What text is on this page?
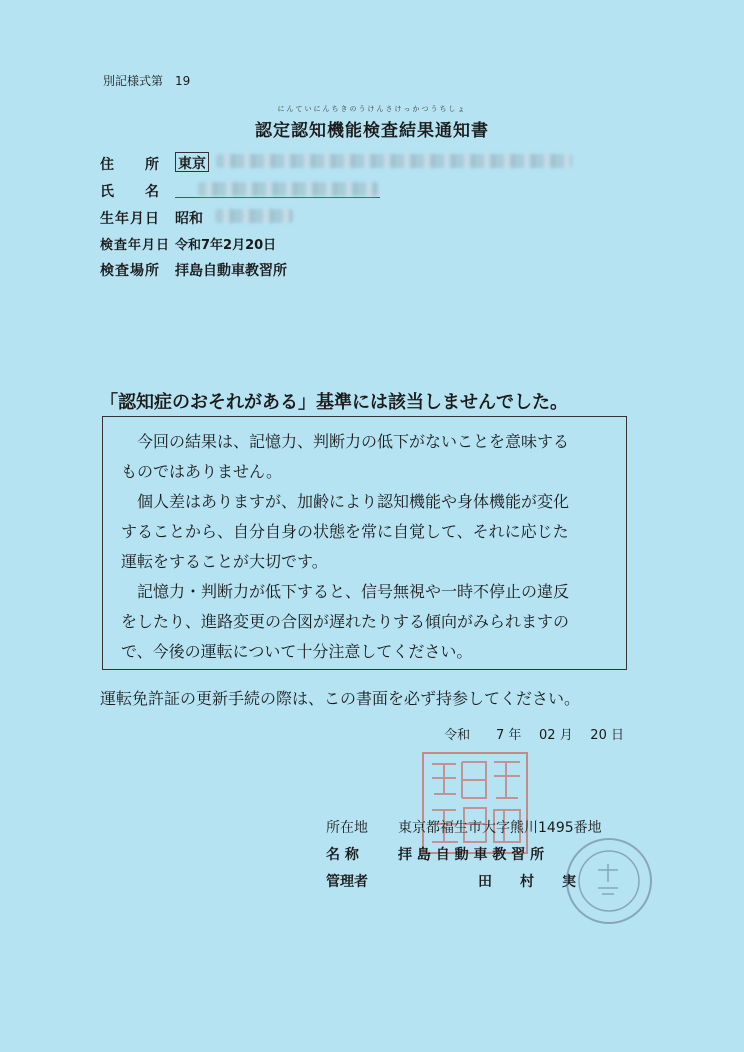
別記様式第　19
にんていにんちきのうけんさけっかつうちしょ
認定認知機能検査結果通知書
住　　所 東京
氏　　名
生年月日 昭和
検査年月日 令和7年2月20日
検査場所 拝島自動車教習所
「認知症のおそれがある」基準には該当しませんでした。

　今回の結果は、記憶力、判断力の低下がないことを意味する

ものではありません。

　個人差はありますが、加齢により認知機能や身体機能が変化

することから、自分自身の状態を常に自覚して、それに応じた

運転をすることが大切です。

　記憶力・判断力が低下すると、信号無視や一時不停止の違反

をしたり、進路変更の合図が遅れたりする傾向がみられますの

で、今後の運転について十分注意してください。

運転免許証の更新手続の際は、この書面を必ず持参してください。
令和 7 年 02 月 20 日
所在地 東京都福生市大字熊川1495番地
名 称	拝 島 自 動 車 教 習 所
管理者	田　　村　　実
